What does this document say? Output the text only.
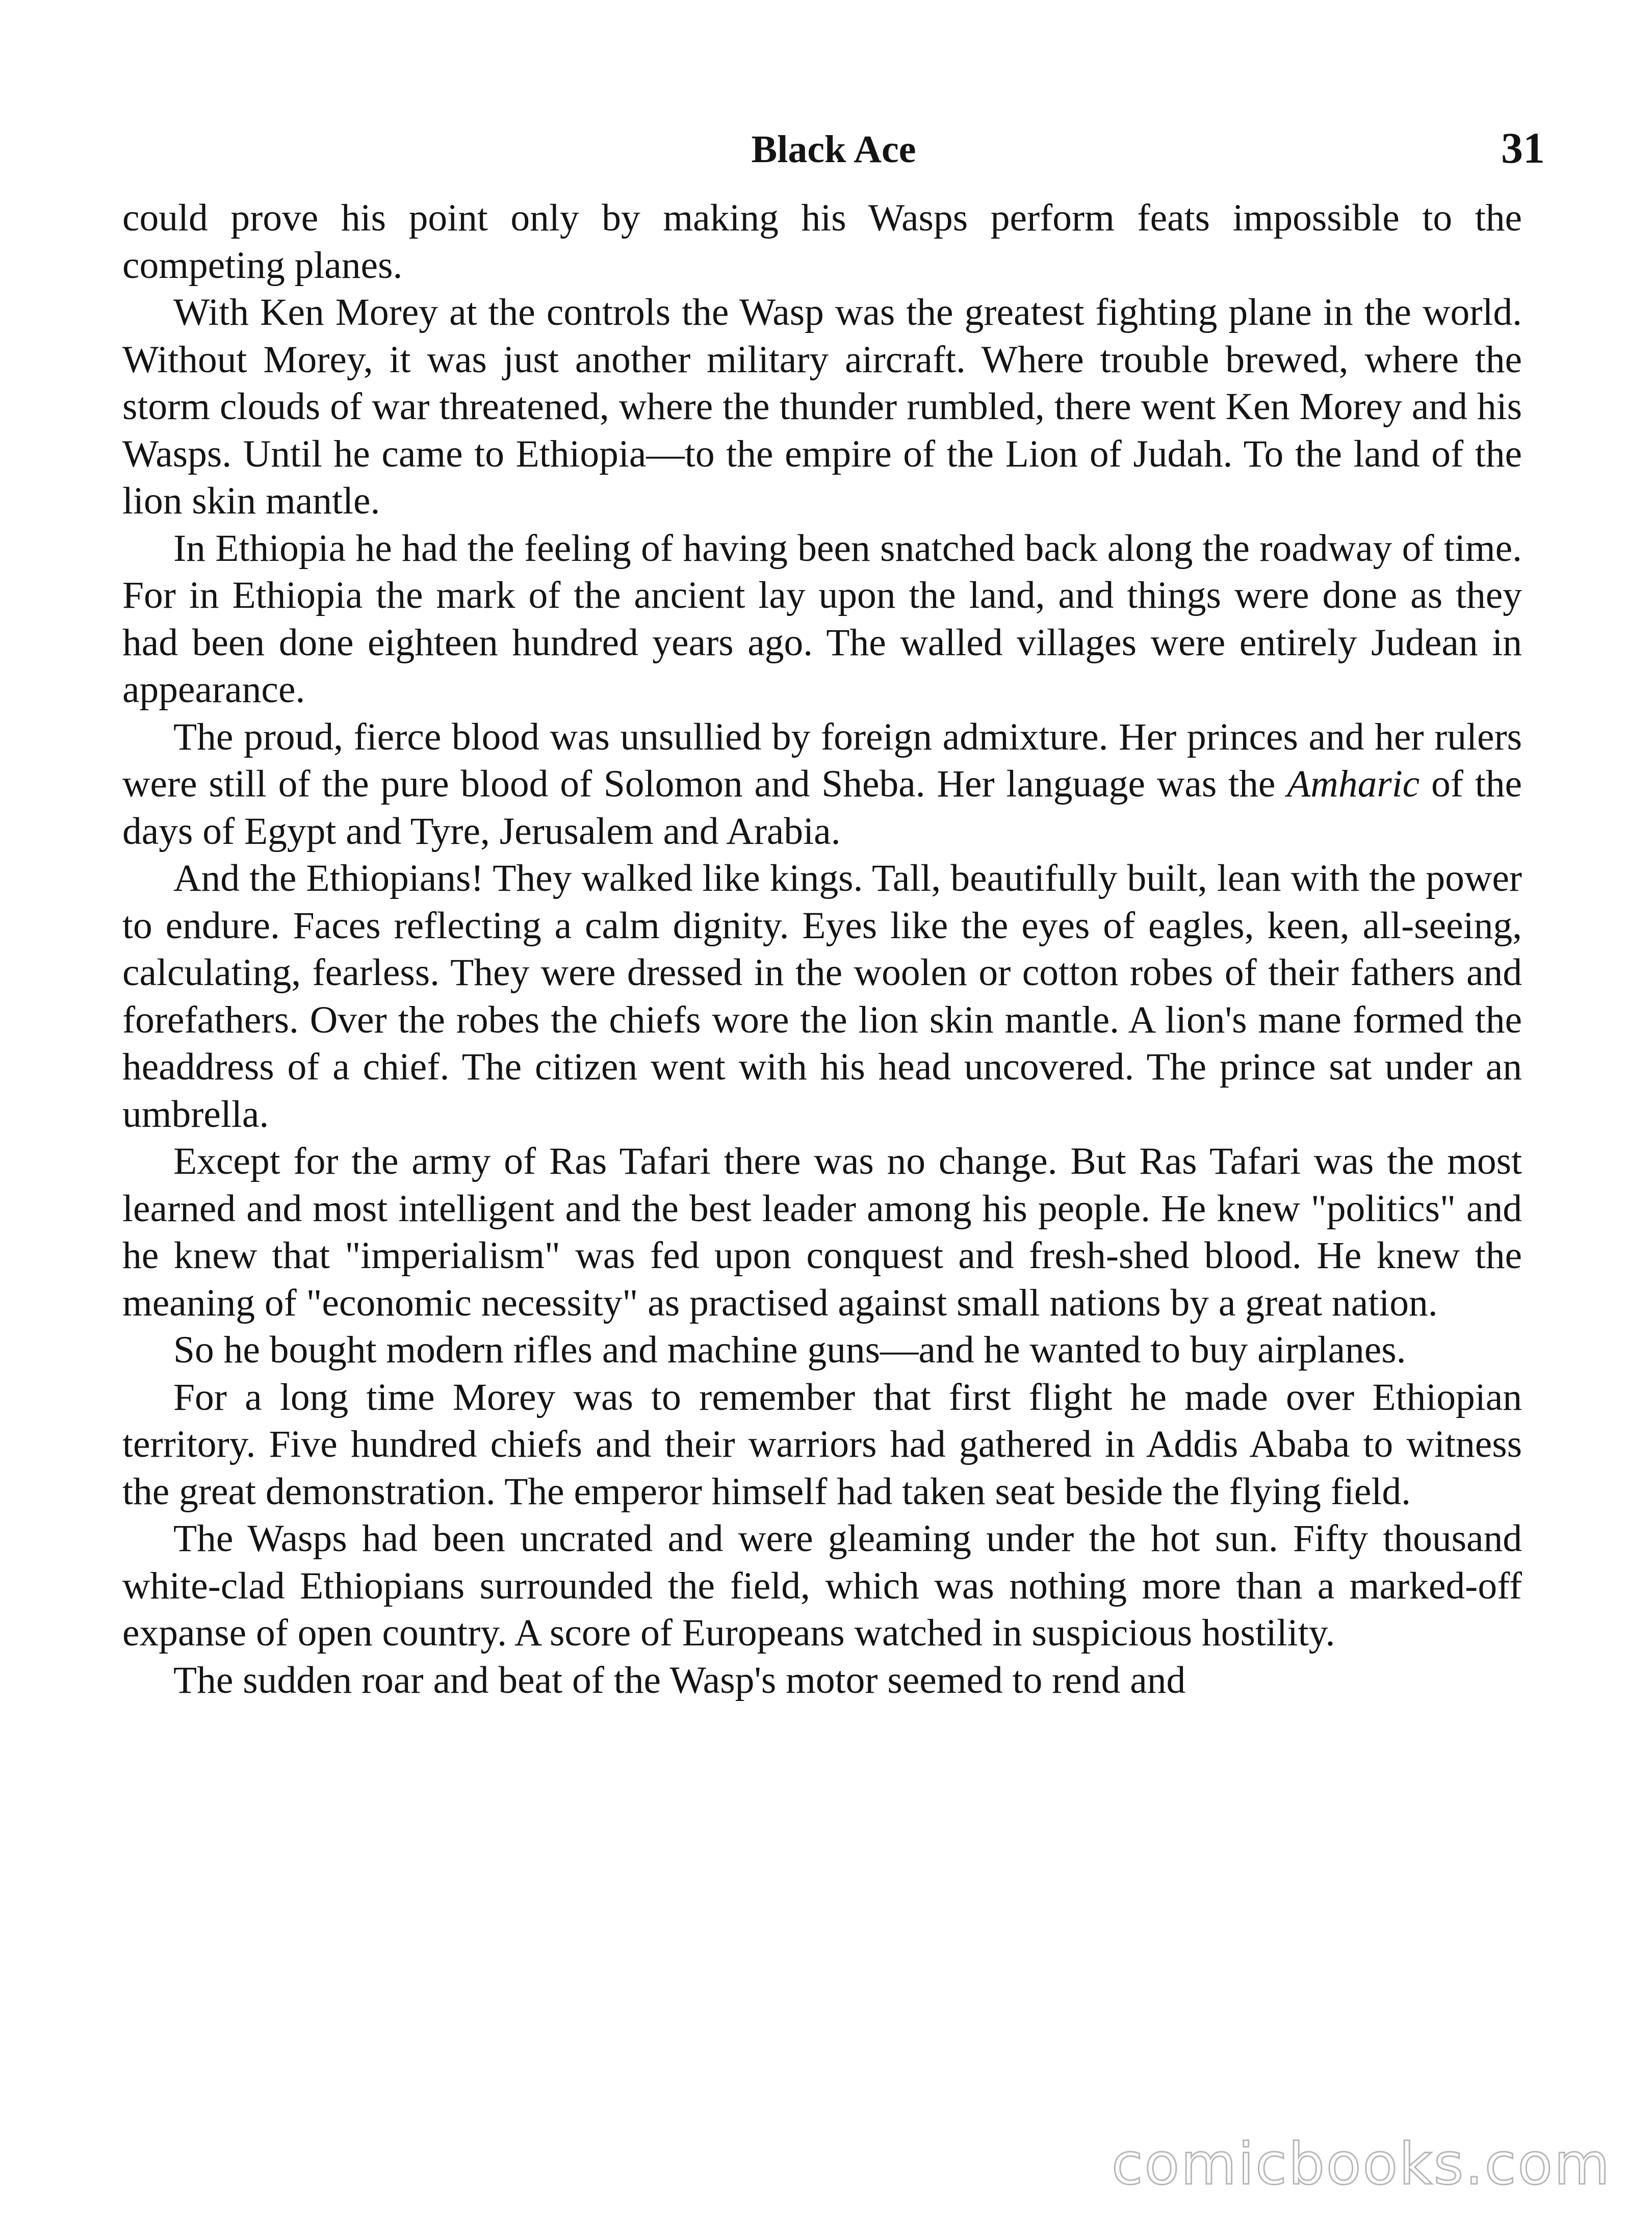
Black Ace	31

could prove his point only by making his Wasps perform feats impossible to the competing planes.

With Ken Morey at the controls the Wasp was the greatest fighting plane in the world. Without Morey, it was just another military aircraft. Where trouble brewed, where the storm clouds of war threatened, where the thunder rumbled, there went Ken Morey and his Wasps. Until he came to Ethiopia—to the empire of the Lion of Judah. To the land of the lion skin mantle.

In Ethiopia he had the feeling of having been snatched back along the roadway of time. For in Ethiopia the mark of the ancient lay upon the land, and things were done as they had been done eighteen hundred years ago. The walled villages were entirely Judean in appearance.

The proud, fierce blood was unsullied by foreign admixture. Her princes and her rulers were still of the pure blood of Solomon and Sheba. Her language was the Amharic of the days of Egypt and Tyre, Jerusalem and Arabia.

And the Ethiopians! They walked like kings. Tall, beautifully built, lean with the power to endure. Faces reflecting a calm dignity. Eyes like the eyes of eagles, keen, all-seeing, calculating, fearless. They were dressed in the woolen or cotton robes of their fathers and forefathers. Over the robes the chiefs wore the lion skin mantle. A lion's mane formed the headdress of a chief. The citizen went with his head uncovered. The prince sat under an umbrella.

Except for the army of Ras Tafari there was no change. But Ras Tafari was the most learned and most intelligent and the best leader among his people. He knew "politics" and he knew that "imperialism" was fed upon conquest and fresh-shed blood. He knew the meaning of "economic necessity" as practised against small nations by a great nation.

So he bought modern rifles and machine guns—and he wanted to buy airplanes.

For a long time Morey was to remember that first flight he made over Ethiopian territory. Five hundred chiefs and their warriors had gathered in Addis Ababa to witness the great demonstration. The emperor himself had taken seat beside the flying field.

The Wasps had been uncrated and were gleaming under the hot sun. Fifty thousand white-clad Ethiopians surrounded the field, which was nothing more than a marked-off expanse of open country. A score of Europeans watched in suspicious hostility.

The sudden roar and beat of the Wasp's motor seemed to rend and

comicbooks.com
